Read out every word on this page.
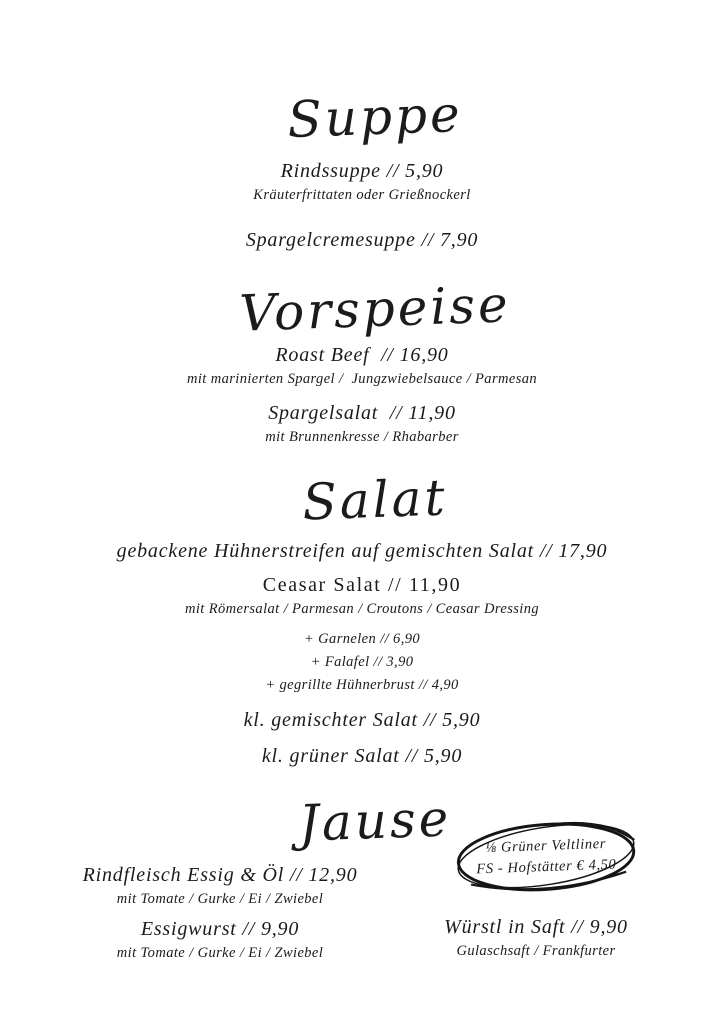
Suppe
Rindssuppe // 5,90
Kräuterfrittaten oder Grießnockerl
Spargelcremesuppe // 7,90
Vorspeise
Roast Beef  // 16,90
mit marinierten Spargel /  Jungzwiebelsauce / Parmesan
Spargelsalat  // 11,90
mit Brunnenkresse / Rhabarber
Salat
gebackene Hühnerstreifen auf gemischten Salat // 17,90
Ceasar Salat // 11,90
mit Römersalat / Parmesan / Croutons / Ceasar Dressing
+ Garnelen // 6,90
+ Falafel // 3,90
+ gegrillte Hühnerbrust // 4,90
kl. gemischter Salat // 5,90
kl. grüner Salat // 5,90
Jause	⅛ Grüner Veltliner
FS - Hofstätter € 4,50
Rindfleisch Essig & Öl // 12,90
mit Tomate / Gurke / Ei / Zwiebel
Essigwurst // 9,90
mit Tomate / Gurke / Ei / Zwiebel
Würstl in Saft // 9,90
Gulaschsaft / Frankfurter
